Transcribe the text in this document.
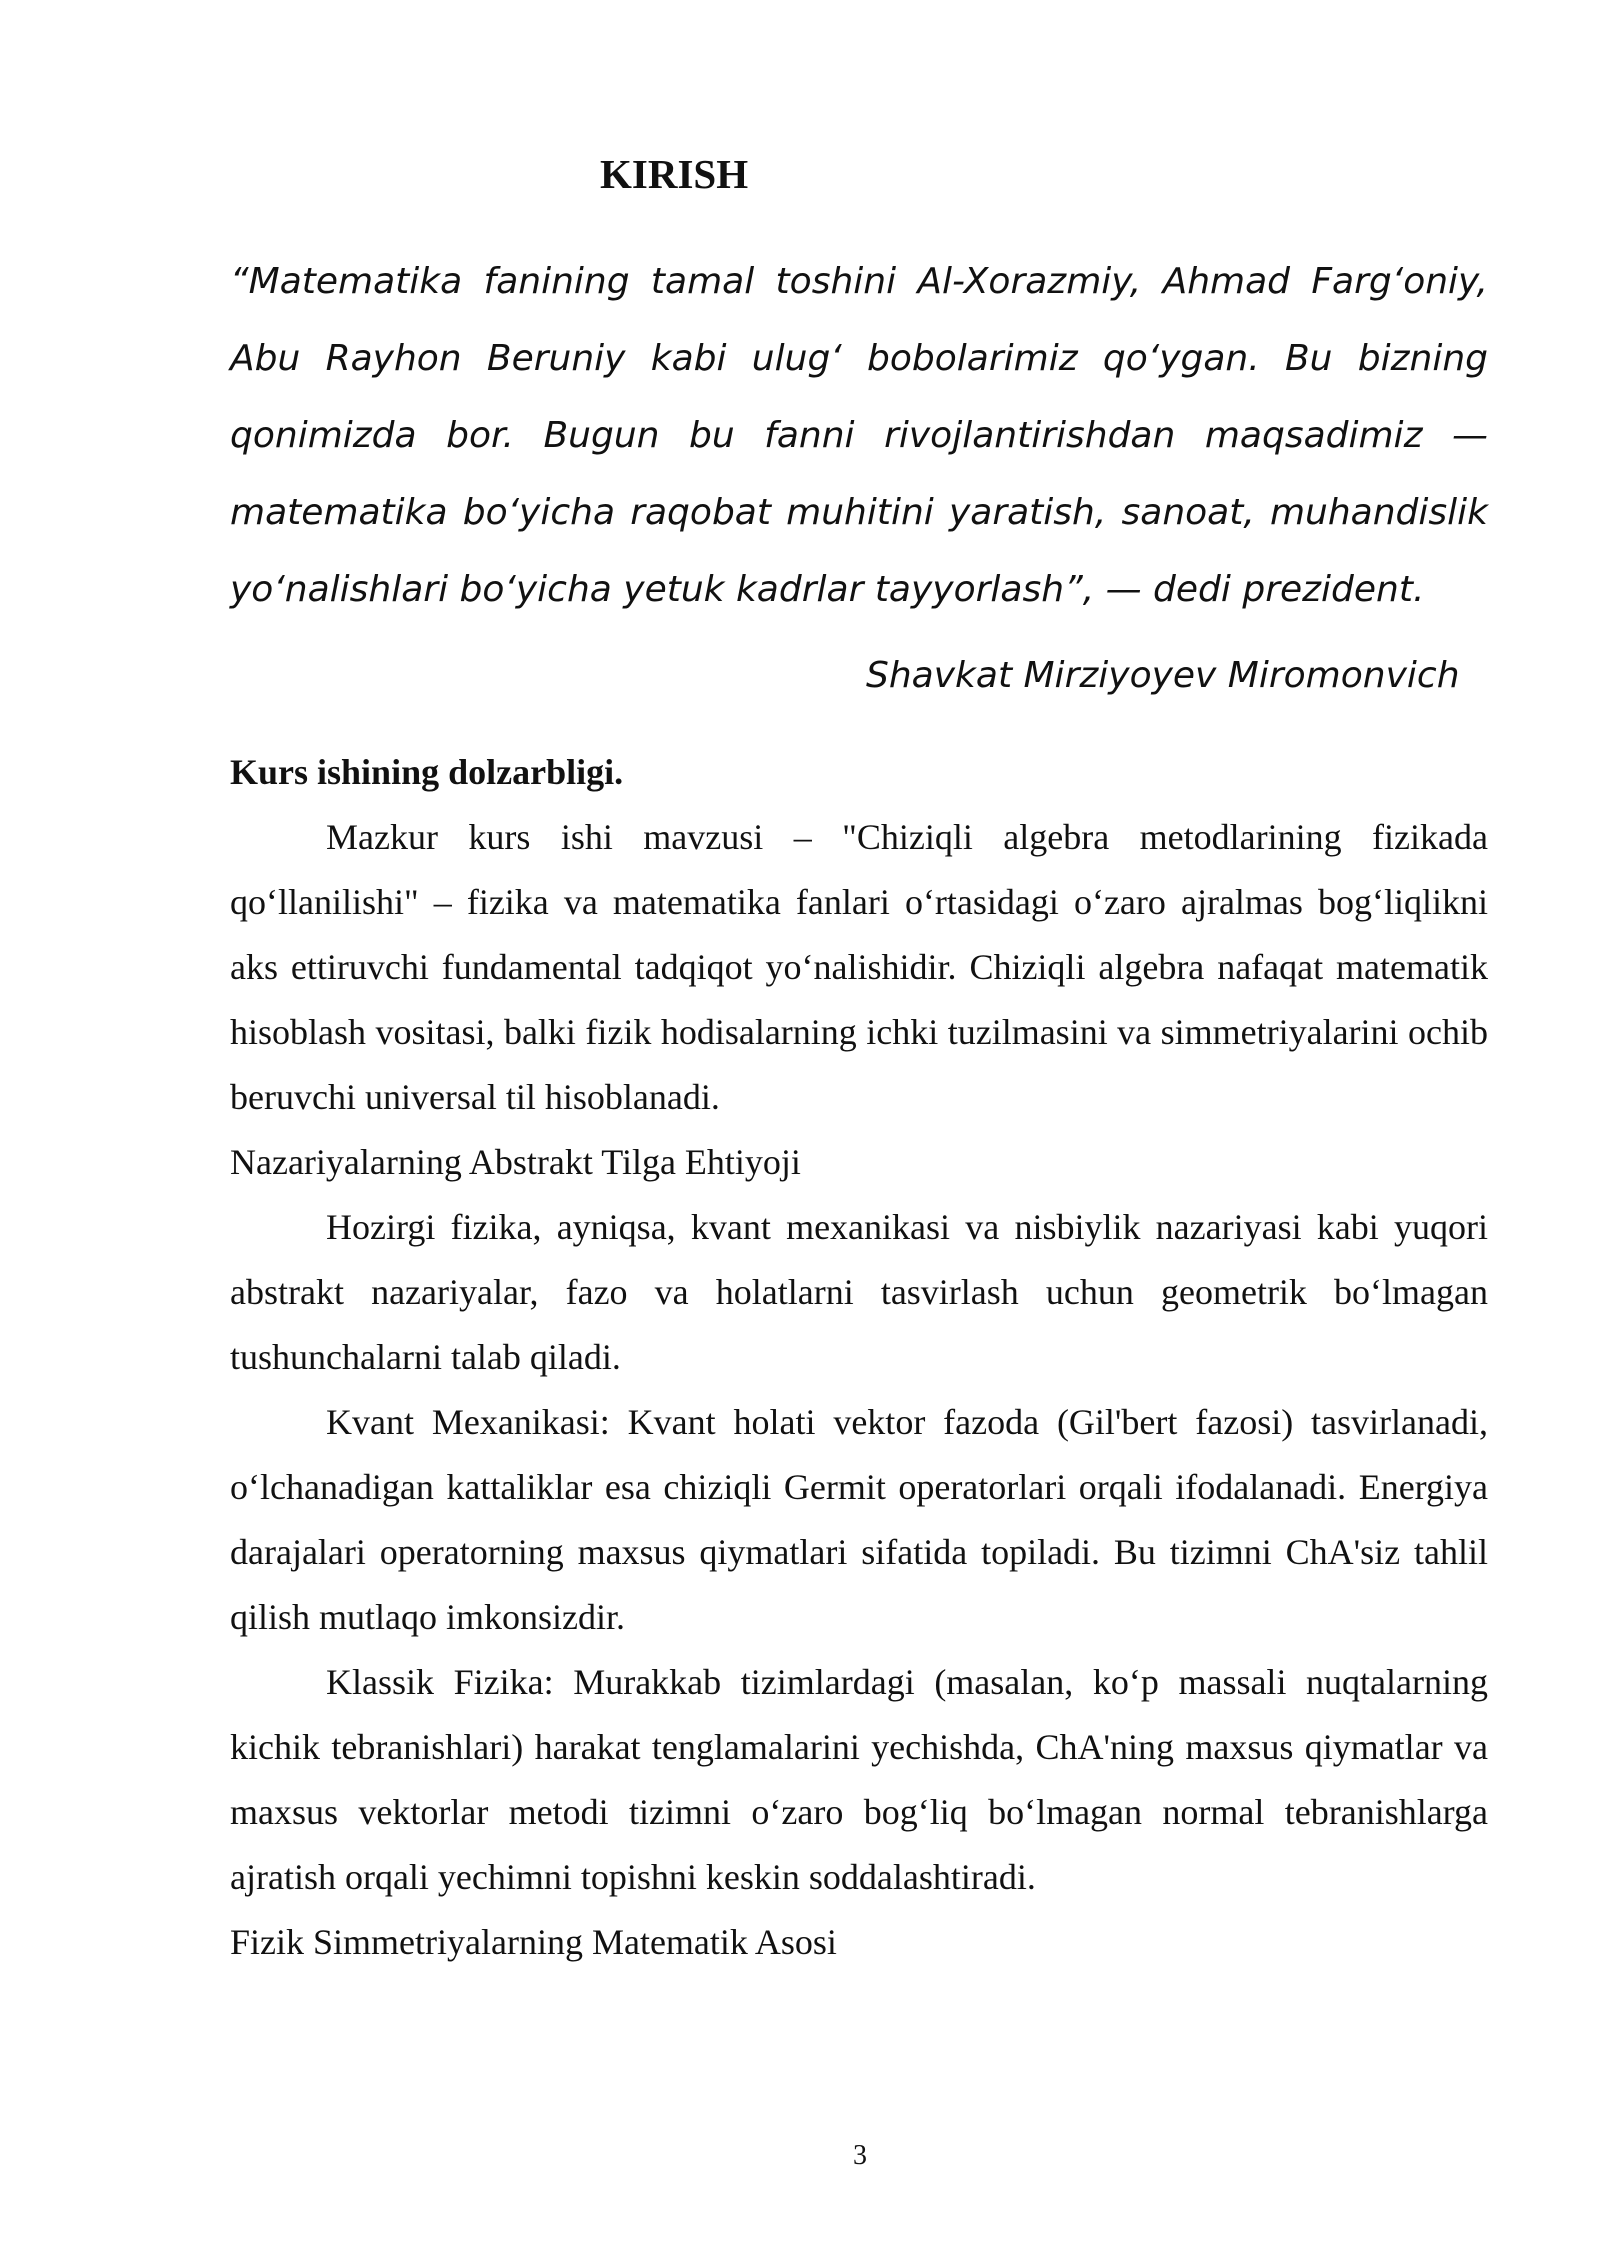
KIRISH

“Matematika fanining tamal toshini Al-Xorazmiy, Ahmad Farg‘oniy, Abu Rayhon Beruniy kabi ulug‘ bobolarimiz qo‘ygan. Bu bizning qonimizda bor. Bugun bu fanni rivojlantirishdan maqsadimiz — matematika bo‘yicha raqobat muhitini yaratish, sanoat, muhandislik yo‘nalishlari bo‘yicha yetuk kadrlar tayyorlash”, — dedi prezident.

Shavkat Mirziyoyev Miromonvich

Kurs ishining dolzarbligi.

Mazkur kurs ishi mavzusi – "Chiziqli algebra metodlarining fizikada qo‘llanilishi" – fizika va matematika fanlari o‘rtasidagi o‘zaro ajralmas bog‘liqlikni aks ettiruvchi fundamental tadqiqot yo‘nalishidir. Chiziqli algebra nafaqat matematik hisoblash vositasi, balki fizik hodisalarning ichki tuzilmasini va simmetriyalarini ochib beruvchi universal til hisoblanadi.

Nazariyalarning Abstrakt Tilga Ehtiyoji

Hozirgi fizika, ayniqsa, kvant mexanikasi va nisbiylik nazariyasi kabi yuqori abstrakt nazariyalar, fazo va holatlarni tasvirlash uchun geometrik bo‘lmagan tushunchalarni talab qiladi.

Kvant Mexanikasi: Kvant holati vektor fazoda (Gil'bert fazosi) tasvirlanadi, o‘lchanadigan kattaliklar esa chiziqli Germit operatorlari orqali ifodalanadi. Energiya darajalari operatorning maxsus qiymatlari sifatida topiladi. Bu tizimni ChA'siz tahlil qilish mutlaqo imkonsizdir.

Klassik Fizika: Murakkab tizimlardagi (masalan, ko‘p massali nuqtalarning kichik tebranishlari) harakat tenglamalarini yechishda, ChA'ning maxsus qiymatlar va maxsus vektorlar metodi tizimni o‘zaro bog‘liq bo‘lmagan normal tebranishlarga ajratish orqali yechimni topishni keskin soddalashtiradi.

Fizik Simmetriyalarning Matematik Asosi

3
